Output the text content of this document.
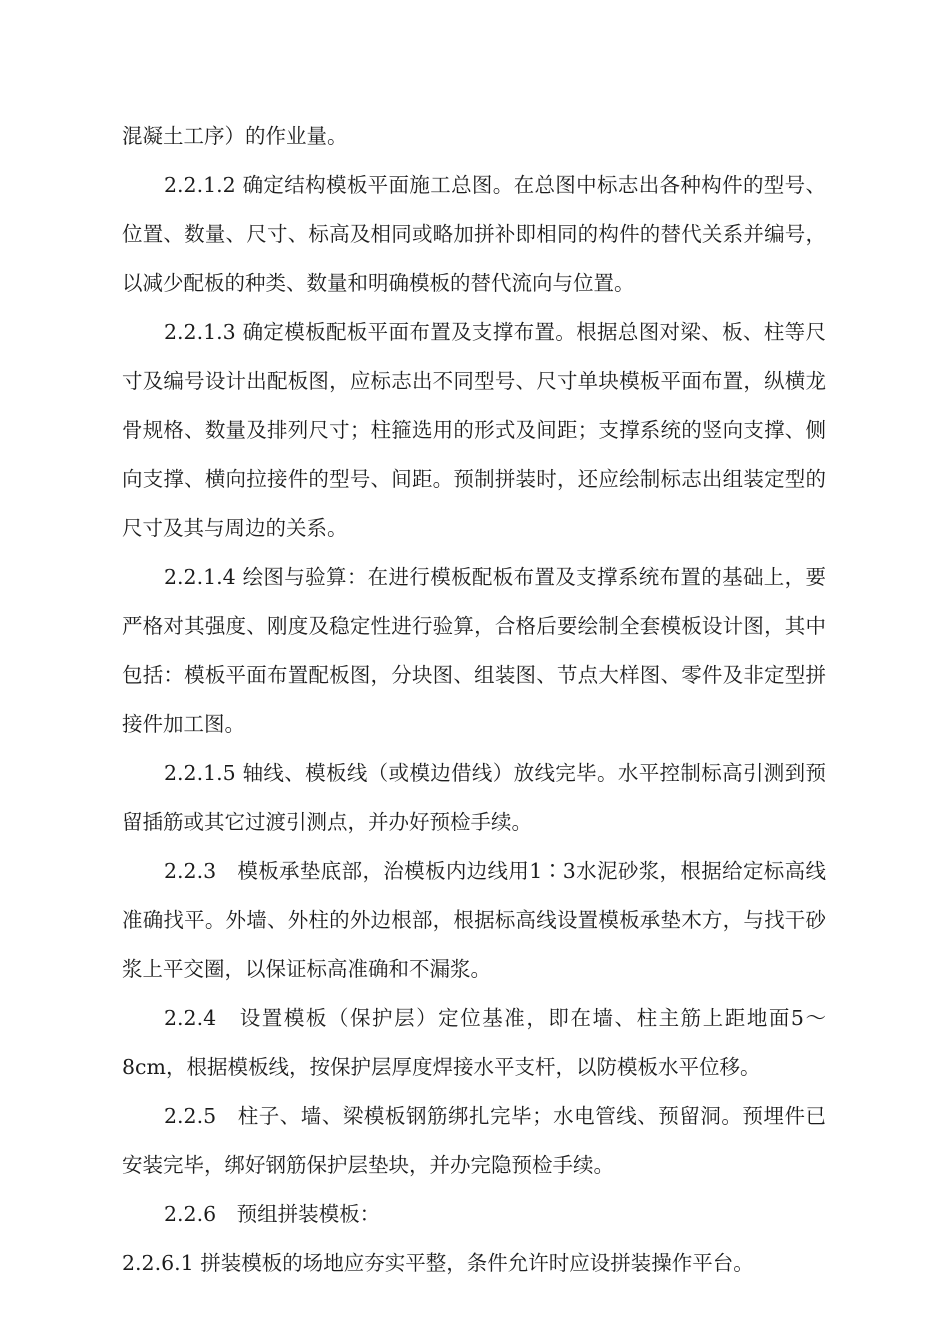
混凝土工序）的作业量。

2.2.1.2 确定结构模板平面施工总图。在总图中标志出各种构件的型号、位置、数量、尺寸、标高及相同或略加拼补即相同的构件的替代关系并编号，以减少配板的种类、数量和明确模板的替代流向与位置。

2.2.1.3 确定模板配板平面布置及支撑布置。根据总图对梁、板、柱等尺寸及编号设计出配板图，应标志出不同型号、尺寸单块模板平面布置，纵横龙骨规格、数量及排列尺寸；柱箍选用的形式及间距；支撑系统的竖向支撑、侧向支撑、横向拉接件的型号、间距。预制拼装时，还应绘制标志出组装定型的尺寸及其与周边的关系。

2.2.1.4 绘图与验算：在进行模板配板布置及支撑系统布置的基础上，要严格对其强度、刚度及稳定性进行验算，合格后要绘制全套模板设计图，其中包括：模板平面布置配板图，分块图、组装图、节点大样图、零件及非定型拼接件加工图。

2.2.1.5 轴线、模板线（或模边借线）放线完毕。水平控制标高引测到预留插筋或其它过渡引测点，并办好预检手续。

2.2.3　模板承垫底部，治模板内边线用1∶3水泥砂浆，根据给定标高线准确找平。外墙、外柱的外边根部，根据标高线设置模板承垫木方，与找干砂浆上平交圈，以保证标高准确和不漏浆。

2.2.4　设置模板（保护层）定位基准，即在墙、柱主筋上距地面5～8cm，根据模板线，按保护层厚度焊接水平支杆，以防模板水平位移。

2.2.5　柱子、墙、梁模板钢筋绑扎完毕；水电管线、预留洞。预埋件已安装完毕，绑好钢筋保护层垫块，并办完隐预检手续。

2.2.6　预组拼装模板：

2.2.6.1 拼装模板的场地应夯实平整，条件允许时应设拼装操作平台。
